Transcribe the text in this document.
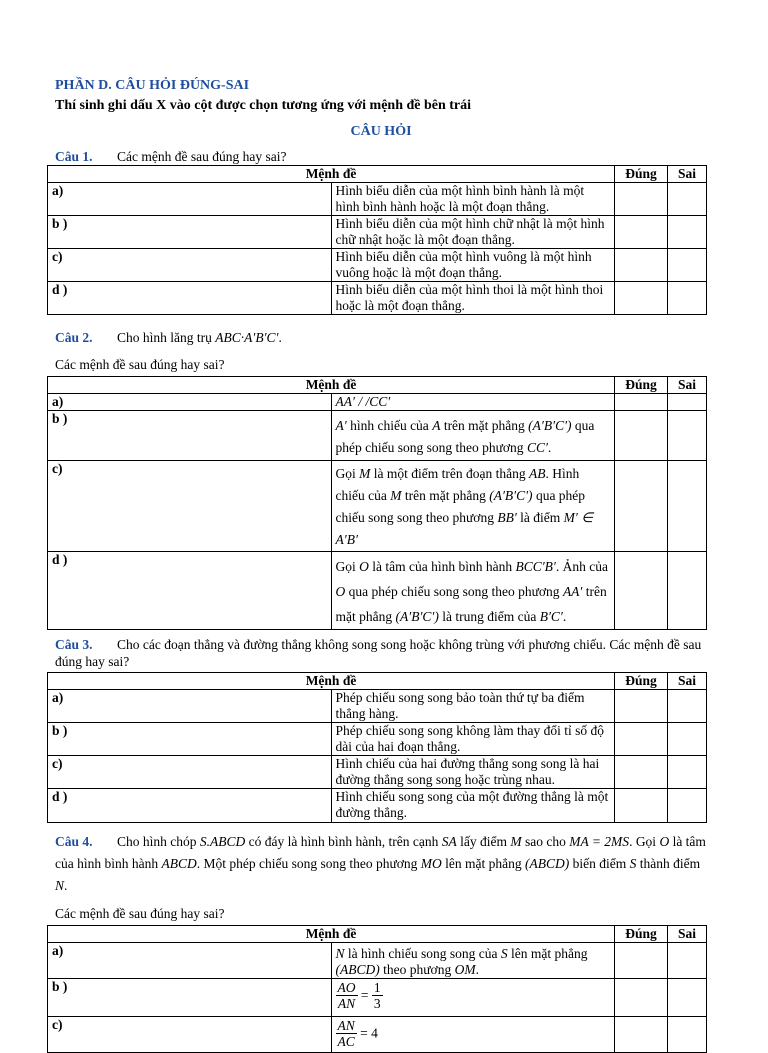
PHẦN D. CÂU HỎI ĐÚNG-SAI

Thí sinh ghi dấu X vào cột được chọn tương ứng với mệnh đề bên trái

CÂU HỎI

Câu 1. Các mệnh đề sau đúng hay sai?

Mệnh đề		Đúng	Sai
a)	Hình biểu diễn của một hình bình hành là một hình bình hành hoặc là một đoạn thẳng.		
b )	Hình biểu diễn của một hình chữ nhật là một hình chữ nhật hoặc là một đoạn thẳng.		
c)	Hình biểu diễn của một hình vuông là một hình vuông hoặc là một đoạn thẳng.		
d )	Hình biểu diễn của một hình thoi là một hình thoi hoặc là một đoạn thẳng.		

Câu 2. Cho hình lăng trụ ABC·A′B′C′.

Các mệnh đề sau đúng hay sai?

Mệnh đề		Đúng	Sai
a)	AA′ / /CC′		
b )	A′ hình chiếu của A trên mặt phẳng (A′B′C′) qua phép chiếu song song theo phương CC′.		
c)	Gọi M là một điểm trên đoạn thẳng AB. Hình chiếu của M trên mặt phẳng (A′B′C′) qua phép chiếu song song theo phương BB′ là điểm M′ ∈ A′B′		
d )	Gọi O là tâm của hình bình hành BCC′B′. Ảnh của O qua phép chiếu song song theo phương AA′ trên mặt phẳng (A′B′C′) là trung điểm của B′C′.		

Câu 3. Cho các đoạn thẳng và đường thẳng không song song hoặc không trùng với phương chiếu. Các mệnh đề sau đúng hay sai?

Mệnh đề		Đúng	Sai
a)	Phép chiếu song song bảo toàn thứ tự ba điểm thẳng hàng.		
b )	Phép chiếu song song không làm thay đổi tỉ số độ dài của hai đoạn thẳng.		
c)	Hình chiếu của hai đường thẳng song song là hai đường thẳng song song hoặc trùng nhau.		
d )	Hình chiếu song song của một đường thẳng là một đường thẳng.		

Câu 4. Cho hình chóp S.ABCD có đáy là hình bình hành, trên cạnh SA lấy điểm M sao cho MA = 2MS. Gọi O là tâm của hình bình hành ABCD. Một phép chiếu song song theo phương MO lên mặt phẳng (ABCD) biến điểm S thành điểm N.

Các mệnh đề sau đúng hay sai?

Mệnh đề		Đúng	Sai
a)	N là hình chiếu song song của S lên mặt phẳng (ABCD) theo phương OM.		
b )	$\frac{AO}{AN} = \frac{1}{3}$

c)	$\frac{AN}{AC} = 4$		
